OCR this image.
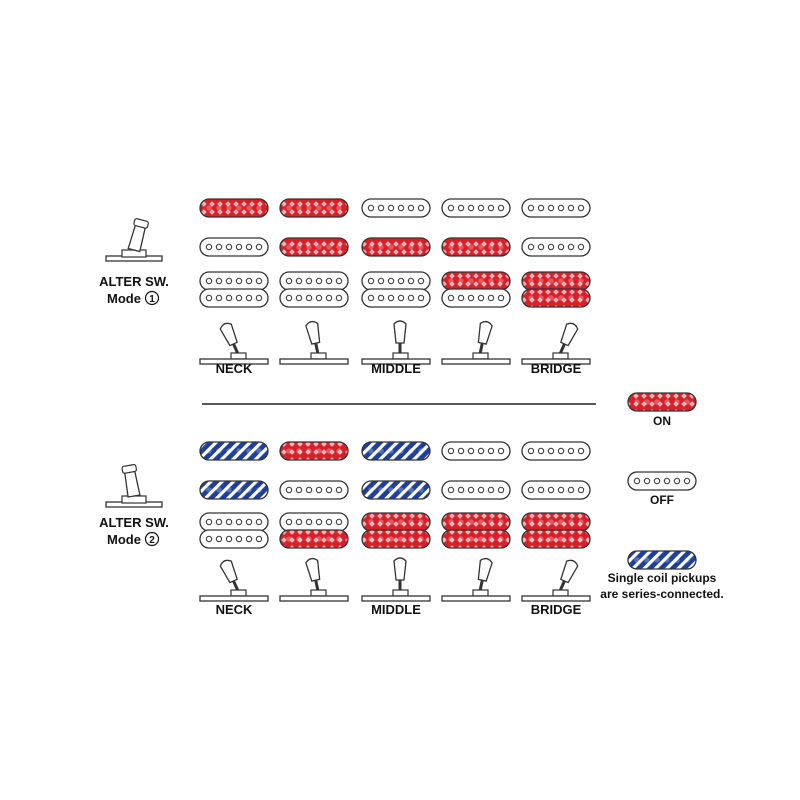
ALTER SW.
Mode 1
NECK	MIDDLE	BRIDGE
ALTER SW.
Mode 2
NECK	MIDDLE	BRIDGE
ON
OFF
Single coil pickups
are series-connected.
